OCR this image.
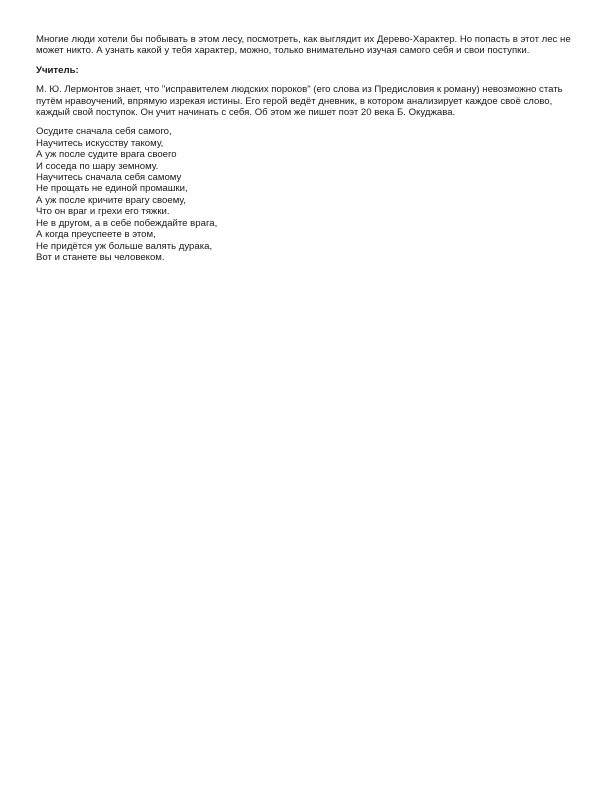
Многие люди хотели бы побывать в этом лесу, посмотреть, как выглядит их Дерево-Характер. Но попасть в этот лес не может никто. А узнать какой у тебя характер, можно, только внимательно изучая самого себя и свои поступки.

Учитель:

М. Ю. Лермонтов знает, что "исправителем людских пороков" (его слова из Предисловия к роману) невозможно стать путём нравоучений, впрямую изрекая истины. Его герой ведёт дневник, в котором анализирует каждое своё слово, каждый свой поступок. Он учит начинать с себя. Об этом же пишет поэт 20 века Б. Окуджава.

Осудите сначала себя самого,
Научитесь искусству такому,
А уж после судите врага своего
И соседа по шару земному.
Научитесь сначала себя самому
Не прощать не единой промашки,
А уж после кричите врагу своему,
Что он враг и грехи его тяжки.
Не в другом, а в себе побеждайте врага,
А когда преуспеете в этом,
Не придётся уж больше валять дурака,
Вот и станете вы человеком.
